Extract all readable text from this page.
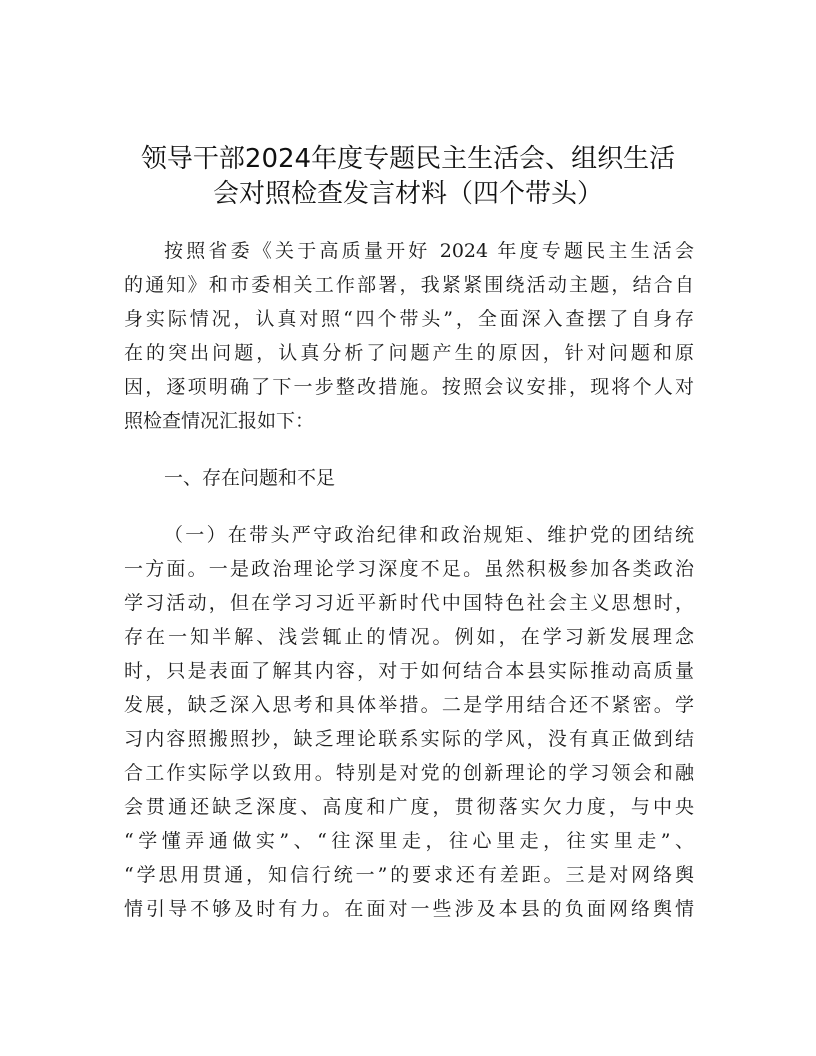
领导干部2024年度专题民主生活会、组织生活
会对照检查发言材料（四个带头）
按照省委《关于高质量开好 2024 年度专题民主生活会
的通知》和市委相关工作部署，我紧紧围绕活动主题，结合自
身实际情况，认真对照“四个带头”，全面深入查摆了自身存
在的突出问题，认真分析了问题产生的原因，针对问题和原
因，逐项明确了下一步整改措施。按照会议安排，现将个人对
照检查情况汇报如下：
一、存在问题和不足
（一）在带头严守政治纪律和政治规矩、维护党的团结统
一方面。一是政治理论学习深度不足。虽然积极参加各类政治
学习活动，但在学习习近平新时代中国特色社会主义思想时，
存在一知半解、浅尝辄止的情况。例如，在学习新发展理念
时，只是表面了解其内容，对于如何结合本县实际推动高质量
发展，缺乏深入思考和具体举措。二是学用结合还不紧密。学
习内容照搬照抄，缺乏理论联系实际的学风，没有真正做到结
合工作实际学以致用。特别是对党的创新理论的学习领会和融
会贯通还缺乏深度、高度和广度，贯彻落实欠力度，与中央
“学懂弄通做实”、“往深里走，往心里走，往实里走”、
“学思用贯通，知信行统一”的要求还有差距。三是对网络舆
情引导不够及时有力。在面对一些涉及本县的负面网络舆情
